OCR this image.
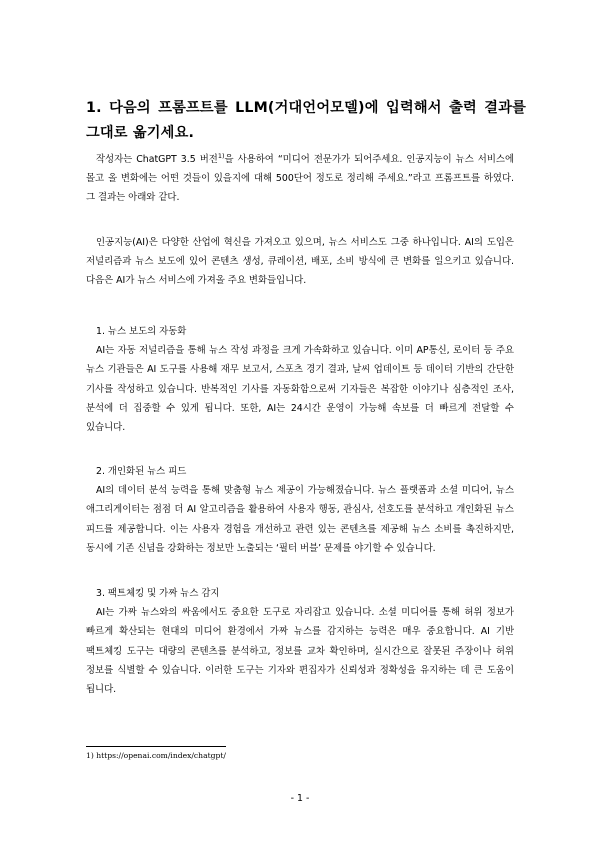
1. 다음의 프롬프트를 LLM(거대언어모델)에 입력해서 출력 결과를 그대로 옮기세요.
작성자는 ChatGPT 3.5 버전$^{1)}$을 사용하여 “미디어 전문가가 되어주세요. 인공지능이 뉴스 서비스에 몰고 올 변화에는 어떤 것들이 있을지에 대해 500단어 정도로 정리해 주세요.”라고 프롬프트를 하였다. 그 결과는 아래와 같다.
인공지능(AI)은 다양한 산업에 혁신을 가져오고 있으며, 뉴스 서비스도 그중 하나입니다. AI의 도입은 저널리즘과 뉴스 보도에 있어 콘텐츠 생성, 큐레이션, 배포, 소비 방식에 큰 변화를 일으키고 있습니다. 다음은 AI가 뉴스 서비스에 가져올 주요 변화들입니다.
1. 뉴스 보도의 자동화
AI는 자동 저널리즘을 통해 뉴스 작성 과정을 크게 가속화하고 있습니다. 이미 AP통신, 로이터 등 주요 뉴스 기관들은 AI 도구를 사용해 재무 보고서, 스포츠 경기 결과, 날씨 업데이트 등 데이터 기반의 간단한 기사를 작성하고 있습니다. 반복적인 기사를 자동화함으로써 기자들은 복잡한 이야기나 심층적인 조사, 분석에 더 집중할 수 있게 됩니다. 또한, AI는 24시간 운영이 가능해 속보를 더 빠르게 전달할 수 있습니다.
2. 개인화된 뉴스 피드
AI의 데이터 분석 능력을 통해 맞춤형 뉴스 제공이 가능해졌습니다. 뉴스 플랫폼과 소셜 미디어, 뉴스 애그리게이터는 점점 더 AI 알고리즘을 활용하여 사용자 행동, 관심사, 선호도를 분석하고 개인화된 뉴스 피드를 제공합니다. 이는 사용자 경험을 개선하고 관련 있는 콘텐츠를 제공해 뉴스 소비를 촉진하지만, 동시에 기존 신념을 강화하는 정보만 노출되는 ‘필터 버블’ 문제를 야기할 수 있습니다.
3. 팩트체킹 및 가짜 뉴스 감지
AI는 가짜 뉴스와의 싸움에서도 중요한 도구로 자리잡고 있습니다. 소셜 미디어를 통해 허위 정보가 빠르게 확산되는 현대의 미디어 환경에서 가짜 뉴스를 감지하는 능력은 매우 중요합니다. AI 기반 팩트체킹 도구는 대량의 콘텐츠를 분석하고, 정보를 교차 확인하며, 실시간으로 잘못된 주장이나 허위 정보를 식별할 수 있습니다. 이러한 도구는 기자와 편집자가 신뢰성과 정확성을 유지하는 데 큰 도움이 됩니다.
1) https://openai.com/index/chatgpt/
- 1 -
